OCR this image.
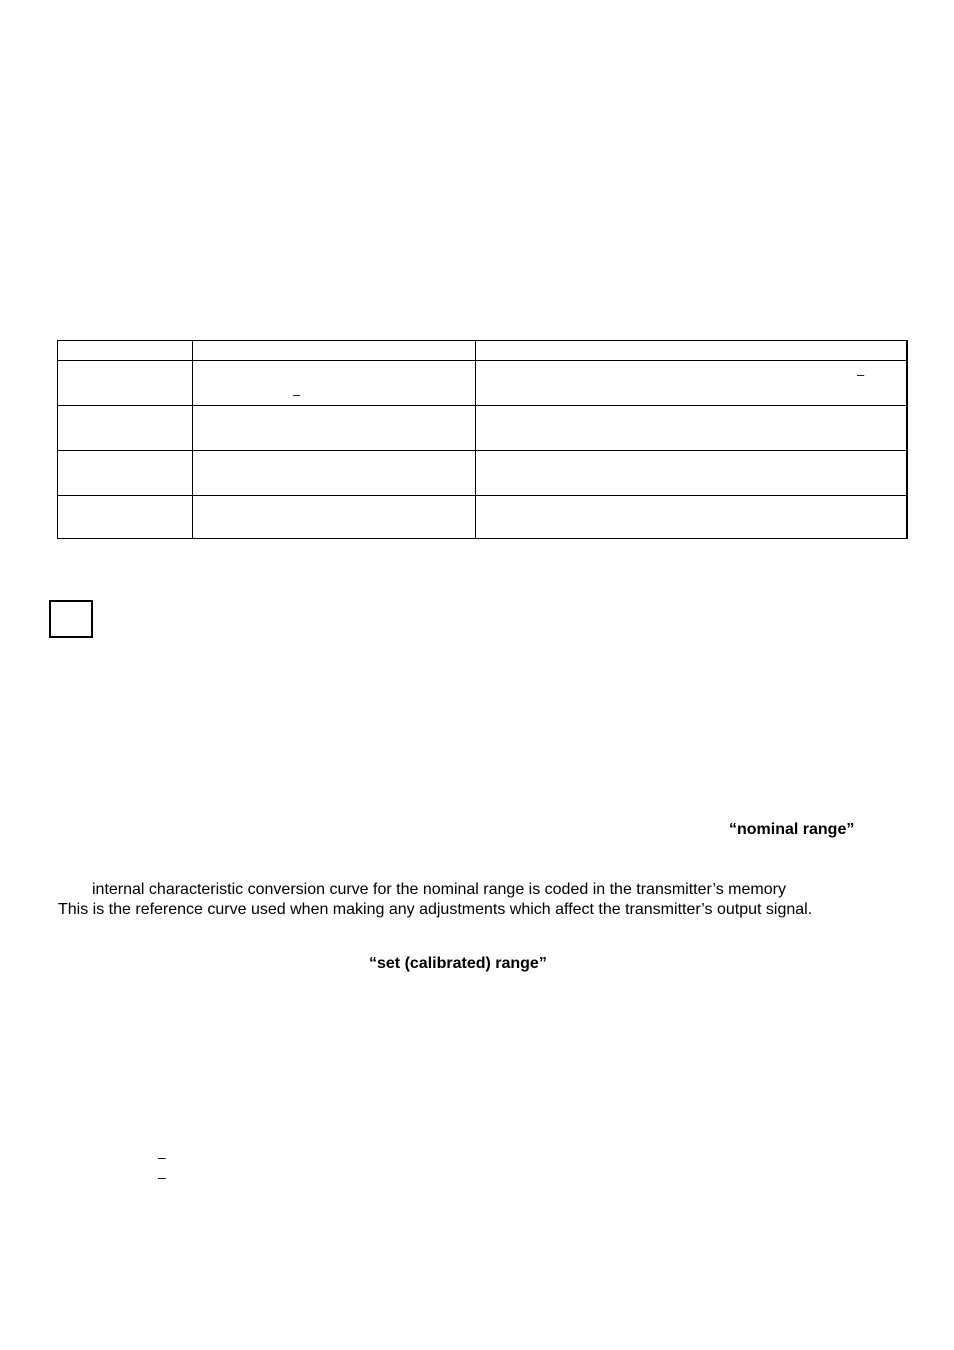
–
–
“nominal range”
internal characteristic conversion curve for the nominal range is coded in the transmitter’s memory
This is the reference curve used when making any adjustments which affect the transmitter’s output signal.
“set (calibrated) range”
–
–
